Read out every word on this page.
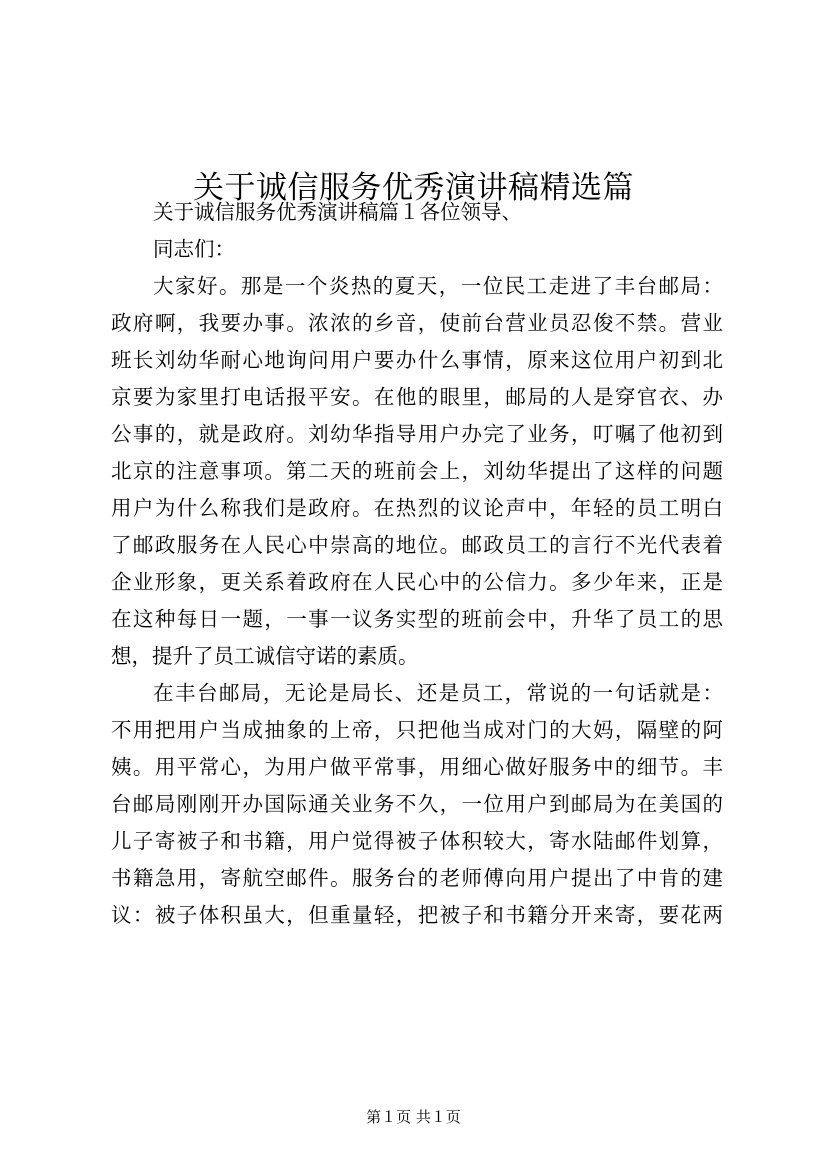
关于诚信服务优秀演讲稿精选篇
关于诚信服务优秀演讲稿篇１各位领导、
同志们：
大家好。那是一个炎热的夏天，一位民工走进了丰台邮局：
政府啊，我要办事。浓浓的乡音，使前台营业员忍俊不禁。营业
班长刘幼华耐心地询问用户要办什么事情，原来这位用户初到北
京要为家里打电话报平安。在他的眼里，邮局的人是穿官衣、办
公事的，就是政府。刘幼华指导用户办完了业务，叮嘱了他初到
北京的注意事项。第二天的班前会上，刘幼华提出了这样的问题
用户为什么称我们是政府。在热烈的议论声中，年轻的员工明白
了邮政服务在人民心中崇高的地位。邮政员工的言行不光代表着
企业形象，更关系着政府在人民心中的公信力。多少年来，正是
在这种每日一题，一事一议务实型的班前会中，升华了员工的思
想，提升了员工诚信守诺的素质。
在丰台邮局，无论是局长、还是员工，常说的一句话就是：
不用把用户当成抽象的上帝，只把他当成对门的大妈，隔壁的阿
姨。用平常心，为用户做平常事，用细心做好服务中的细节。丰
台邮局刚刚开办国际通关业务不久，一位用户到邮局为在美国的
儿子寄被子和书籍，用户觉得被子体积较大，寄水陆邮件划算，
书籍急用，寄航空邮件。服务台的老师傅向用户提出了中肯的建
议：被子体积虽大，但重量轻，把被子和书籍分开来寄，要花两
第１页 共１页
